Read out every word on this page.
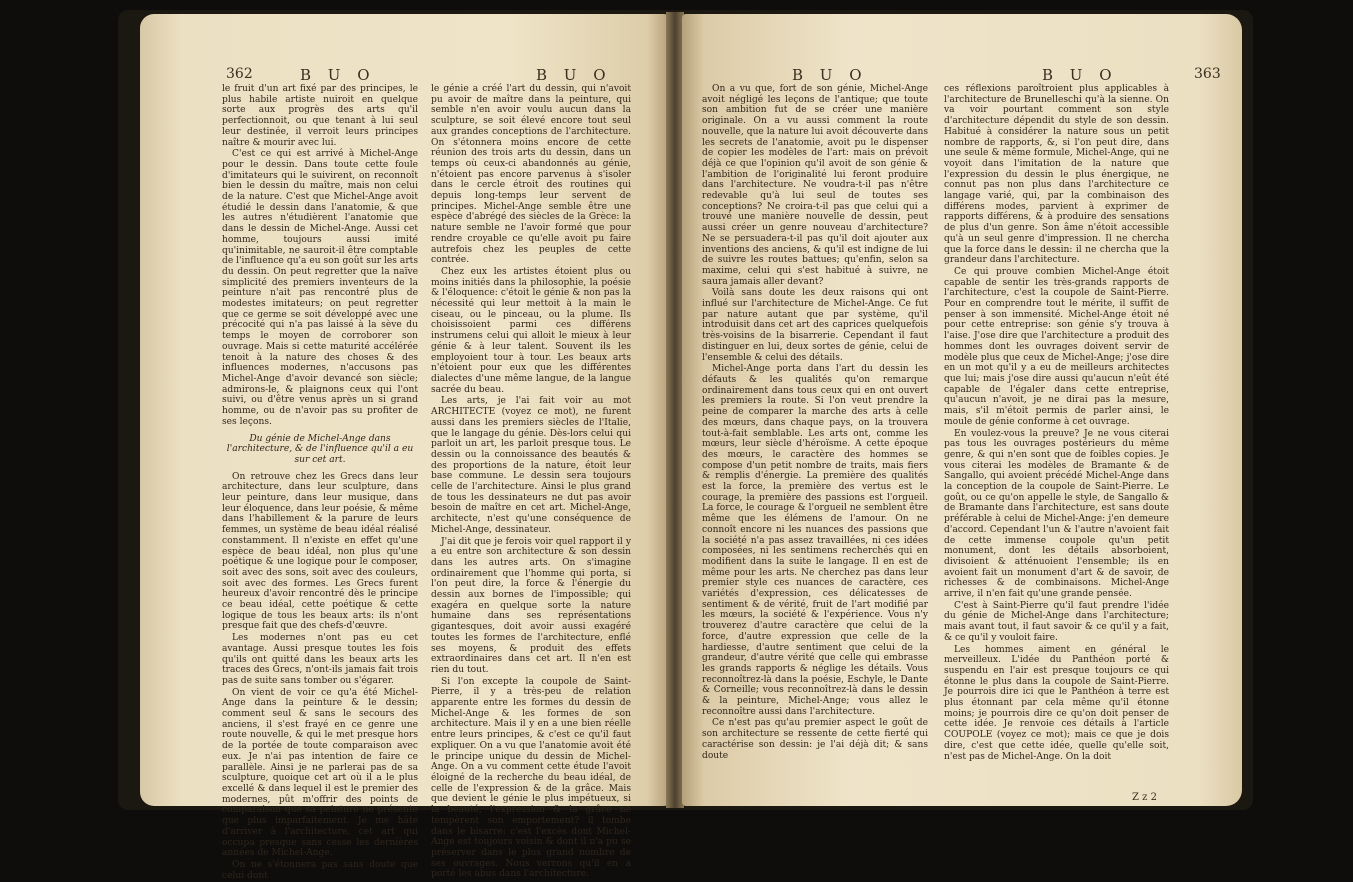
362	B U O	B U O

le fruit d'un art fixé par des principes, le plus habile artiste nuiroit en quelque sorte aux progrès des arts qu'il perfectionnoit, ou que tenant à lui seul leur destinée, il verroit leurs principes naître & mourir avec lui.

C'est ce qui est arrivé à Michel-Ange pour le dessin. Dans toute cette foule d'imitateurs qui le suivirent, on reconnoît bien le dessin du maître, mais non celui de la nature. C'est que Michel-Ange avoit étudié le dessin dans l'anatomie, & que les autres n'étudièrent l'anatomie que dans le dessin de Michel-Ange. Aussi cet homme, toujours aussi imité qu'inimitable, ne sauroit-il être comptable de l'influence qu'a eu son goût sur les arts du dessin. On peut regretter que la naïve simplicité des premiers inventeurs de la peinture n'ait pas rencontré plus de modestes imitateurs; on peut regretter que ce germe se soit développé avec une précocité qui n'a pas laissé à la sève du temps le moyen de corroborer son ouvrage. Mais si cette maturité accélérée tenoit à la nature des choses & des influences modernes, n'accusons pas Michel-Ange d'avoir devancé son siècle; admirons-le, & plaignons ceux qui l'ont suivi, ou d'être venus après un si grand homme, ou de n'avoir pas su profiter de ses leçons.

Du génie de Michel-Ange dans l'architecture, & de l'influence qu'il a eu sur cet art.

On retrouve chez les Grecs dans leur architecture, dans leur sculpture, dans leur peinture, dans leur musique, dans leur éloquence, dans leur poésie, & même dans l'habillement & la parure de leurs femmes, un système de beau idéal réalisé constamment. Il n'existe en effet qu'une espèce de beau idéal, non plus qu'une poétique & une logique pour le composer, soit avec des sons, soit avec des couleurs, soit avec des formes. Les Grecs furent heureux d'avoir rencontré dès le principe ce beau idéal, cette poétique & cette logique de tous les beaux arts: ils n'ont presque fait que des chefs-d'œuvre.

Les modernes n'ont pas eu cet avantage. Aussi presque toutes les fois qu'ils ont quitté dans les beaux arts les traces des Grecs, n'ont-ils jamais fait trois pas de suite sans tomber ou s'égarer.

On vient de voir ce qu'a été Michel-Ange dans la peinture & le dessin; comment seul & sans le secours des anciens, il s'est frayé en ce genre une route nouvelle, & qui le met presque hors de la portée de toute comparaison avec eux. Je n'ai pas intention de faire ce parallèle. Ainsi je ne parlerai pas de sa sculpture, quoique cet art où il a le plus excellé & dans lequel il est le premier des modernes, pût m'offrir des points de comparaison que sa peinture ne présente que plus imparfaitement. Je me hâte d'arriver à l'architecture, cet art qui occupa presque sans cesse les dernières années de Michel-Ange.

On ne s'étonnera pas sans doute que celui dont

le génie a créé l'art du dessin, qui n'avoit pu avoir de maître dans la peinture, qui semble n'en avoir voulu aucun dans la sculpture, se soit élevé encore tout seul aux grandes conceptions de l'architecture. On s'étonnera moins encore de cette réunion des trois arts du dessin, dans un temps où ceux-ci abandonnés au génie, n'étoient pas encore parvenus à s'isoler dans le cercle étroit des routines qui depuis long-temps leur servent de principes. Michel-Ange semble être une espèce d'abrégé des siècles de la Grèce: la nature semble ne l'avoir formé que pour rendre croyable ce qu'elle avoit pu faire autrefois chez les peuples de cette contrée.

Chez eux les artistes étoient plus ou moins initiés dans la philosophie, la poésie & l'éloquence: c'étoit le génie & non pas la nécessité qui leur mettoit à la main le ciseau, ou le pinceau, ou la plume. Ils choisissoient parmi ces différens instrumens celui qui alloit le mieux à leur génie & à leur talent. Souvent ils les employoient tour à tour. Les beaux arts n'étoient pour eux que les différentes dialectes d'une même langue, de la langue sacrée du beau.

Les arts, je l'ai fait voir au mot ARCHITECTE (voyez ce mot), ne furent aussi dans les premiers siècles de l'Italie, que le langage du génie. Dès-lors celui qui parloit un art, les parloit presque tous. Le dessin ou la connoissance des beautés & des proportions de la nature, étoit leur base commune. Le dessin sera toujours celle de l'architecture. Ainsi le plus grand de tous les dessinateurs ne dut pas avoir besoin de maître en cet art. Michel-Ange, architecte, n'est qu'une conséquence de Michel-Ange, dessinateur.

J'ai dit que je ferois voir quel rapport il y a eu entre son architecture & son dessin dans les autres arts. On s'imagine ordinairement que l'homme qui porta, si l'on peut dire, la force & l'énergie du dessin aux bornes de l'impossible; qui exagéra en quelque sorte la nature humaine dans ses représentations gigantesques, doit avoir aussi exagéré toutes les formes de l'architecture, enflé ses moyens, & produit des effets extraordinaires dans cet art. Il n'en est rien du tout.

Si l'on excepte la coupole de Saint-Pierre, il y a très-peu de relation apparente entre les formes du dessin de Michel-Ange & les formes de son architecture. Mais il y en a une bien réelle entre leurs principes, & c'est ce qu'il faut expliquer. On a vu que l'anatomie avoit été le principe unique du dessin de Michel-Ange. On a vu comment cette étude l'avoit éloigné de la recherche du beau idéal, de celle de l'expression & de la grâce. Mais que devient le génie le plus impétueux, si la beauté, l'expression & la grâce ne tempèrent son emportement? il tombe dans le bisarre: c'est l'excès dont Michel-Ange est toujours voisin & dont il n'a pu se préserver dans le plus grand nombre de ses ouvrages. Nous verrons qu'il en a porté les abus dans l'architecture.

B U O	B U O	363

On a vu que, fort de son génie, Michel-Ange avoit négligé les leçons de l'antique; que toute son ambition fut de se créer une manière originale. On a vu aussi comment la route nouvelle, que la nature lui avoit découverte dans les secrets de l'anatomie, avoit pu le dispenser de copier les modèles de l'art: mais on prévoit déjà ce que l'opinion qu'il avoit de son génie & l'ambition de l'originalité lui feront produire dans l'architecture. Ne voudra-t-il pas n'être redevable qu'à lui seul de toutes ses conceptions? Ne croira-t-il pas que celui qui a trouvé une manière nouvelle de dessin, peut aussi créer un genre nouveau d'architecture? Ne se persuadera-t-il pas qu'il doit ajouter aux inventions des anciens, & qu'il est indigne de lui de suivre les routes battues; qu'enfin, selon sa maxime, celui qui s'est habitué à suivre, ne saura jamais aller devant?

Voilà sans doute les deux raisons qui ont influé sur l'architecture de Michel-Ange. Ce fut par nature autant que par système, qu'il introduisit dans cet art des caprices quelquefois très-voisins de la bisarrerie. Cependant il faut distinguer en lui, deux sortes de génie, celui de l'ensemble & celui des détails.

Michel-Ange porta dans l'art du dessin les défauts & les qualités qu'on remarque ordinairement dans tous ceux qui en ont ouvert les premiers la route. Si l'on veut prendre la peine de comparer la marche des arts à celle des mœurs, dans chaque pays, on la trouvera tout-à-fait semblable. Les arts ont, comme les mœurs, leur siècle d'héroïsme. A cette époque des mœurs, le caractère des hommes se compose d'un petit nombre de traits, mais fiers & remplis d'énergie. La première des qualités est la force, la première des vertus est le courage, la première des passions est l'orgueil. La force, le courage & l'orgueil ne semblent être même que les élémens de l'amour. On ne connoît encore ni les nuances des passions que la société n'a pas assez travaillées, ni ces idées composées, ni les sentimens recherchés qui en modifient dans la suite le langage. Il en est de même pour les arts. Ne cherchez pas dans leur premier style ces nuances de caractère, ces variétés d'expression, ces délicatesses de sentiment & de vérité, fruit de l'art modifié par les mœurs, la société & l'expérience. Vous n'y trouverez d'autre caractère que celui de la force, d'autre expression que celle de la hardiesse, d'autre sentiment que celui de la grandeur, d'autre vérité que celle qui embrasse les grands rapports & néglige les détails. Vous reconnoîtrez-là dans la poésie, Eschyle, le Dante & Corneille; vous reconnoîtrez-là dans le dessin & la peinture, Michel-Ange; vous allez le reconnoître aussi dans l'architecture.

Ce n'est pas qu'au premier aspect le goût de son architecture se ressente de cette fierté qui caractérise son dessin: je l'ai déjà dit; & sans doute

ces réflexions paroîtroient plus applicables à l'architecture de Brunelleschi qu'à la sienne. On va voir pourtant comment son style d'architecture dépendit du style de son dessin. Habitué à considérer la nature sous un petit nombre de rapports, &, si l'on peut dire, dans une seule & même formule, Michel-Ange, qui ne voyoit dans l'imitation de la nature que l'expression du dessin le plus énergique, ne connut pas non plus dans l'architecture ce langage varié, qui, par la combinaison des différens modes, parvient à exprimer de rapports différens, & à produire des sensations de plus d'un genre. Son âme n'étoit accessible qu'à un seul genre d'impression. Il ne chercha que la force dans le dessin: il ne chercha que la grandeur dans l'architecture.

Ce qui prouve combien Michel-Ange étoit capable de sentir les très-grands rapports de l'architecture, c'est la coupole de Saint-Pierre. Pour en comprendre tout le mérite, il suffit de penser à son immensité. Michel-Ange étoit né pour cette entreprise: son génie s'y trouva à l'aise. J'ose dire que l'architecture a produit des hommes dont les ouvrages doivent servir de modèle plus que ceux de Michel-Ange; j'ose dire en un mot qu'il y a eu de meilleurs architectes que lui; mais j'ose dire aussi qu'aucun n'eût été capable de l'égaler dans cette entreprise, qu'aucun n'avoit, je ne dirai pas la mesure, mais, s'il m'étoit permis de parler ainsi, le moule de génie conforme à cet ouvrage.

En voulez-vous la preuve? Je ne vous citerai pas tous les ouvrages postérieurs du même genre, & qui n'en sont que de foibles copies. Je vous citerai les modèles de Bramante & de Sangallo, qui avoient précédé Michel-Ange dans la conception de la coupole de Saint-Pierre. Le goût, ou ce qu'on appelle le style, de Sangallo & de Bramante dans l'architecture, est sans doute préférable à celui de Michel-Ange: j'en demeure d'accord. Cependant l'un & l'autre n'avoient fait de cette immense coupole qu'un petit monument, dont les détails absorboient, divisoient & atténuoient l'ensemble; ils en avoient fait un monument d'art & de savoir, de richesses & de combinaisons. Michel-Ange arrive, il n'en fait qu'une grande pensée.

C'est à Saint-Pierre qu'il faut prendre l'idée du génie de Michel-Ange dans l'architecture; mais avant tout, il faut savoir & ce qu'il y a fait, & ce qu'il y vouloit faire.

Les hommes aiment en général le merveilleux. L'idée du Panthéon porté & suspendu en l'air est presque toujours ce qui étonne le plus dans la coupole de Saint-Pierre. Je pourrois dire ici que le Panthéon à terre est plus étonnant par cela même qu'il étonne moins; je pourrois dire ce qu'on doit penser de cette idée. Je renvoie ces détails à l'article COUPOLE (voyez ce mot); mais ce que je dois dire, c'est que cette idée, quelle qu'elle soit, n'est pas de Michel-Ange. On la doit

Z z 2
